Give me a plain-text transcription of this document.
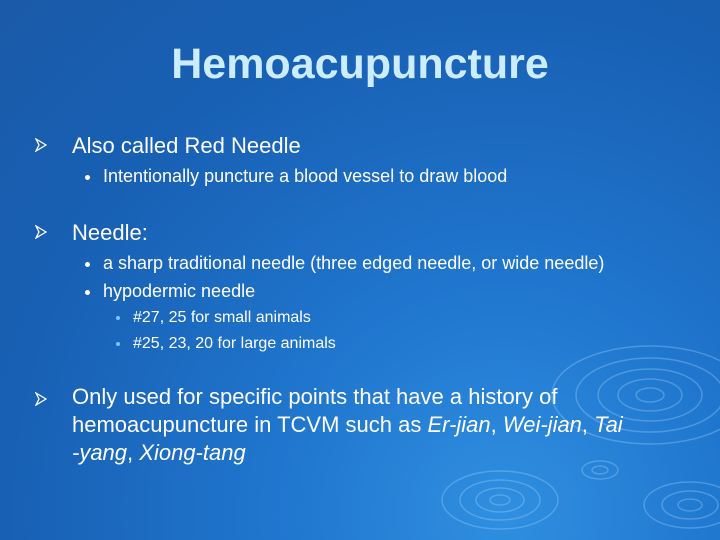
Hemoacupuncture
Also called Red Needle
Intentionally puncture a blood vessel to draw blood
Needle:
a sharp traditional needle (three edged needle, or wide needle)
hypodermic needle
#27, 25 for small animals
#25, 23, 20 for large animals
Only used for specific points that have a history of
hemoacupuncture in TCVM such as Er-jian, Wei-jian, Tai
-yang, Xiong-tang
